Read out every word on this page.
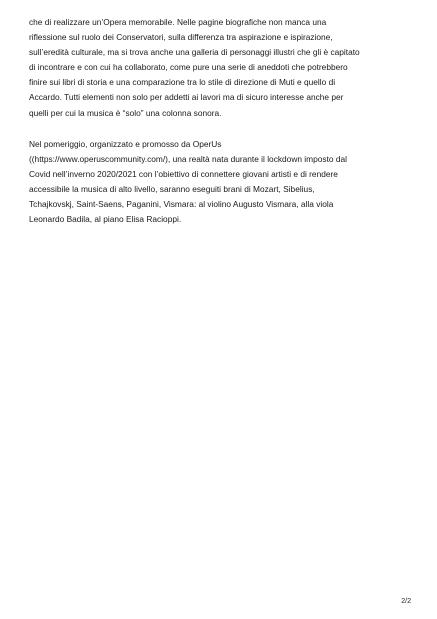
che di realizzare un’Opera memorabile. Nelle pagine biografiche non manca una
riflessione sul ruolo dei Conservatori, sulla differenza tra aspirazione e ispirazione,
sull’eredità culturale, ma si trova anche una galleria di personaggi illustri che gli è capitato
di incontrare e con cui ha collaborato, come pure una serie di aneddoti che potrebbero
finire sui libri di storia e una comparazione tra lo stile di direzione di Muti e quello di
Accardo. Tutti elementi non solo per addetti ai lavori ma di sicuro interesse anche per
quelli per cui la musica è “solo” una colonna sonora.
Nel pomeriggio, organizzato e promosso da OperUs
((https://www.operuscommunity.com/), una realtà nata durante il lockdown imposto dal
Covid nell’inverno 2020/2021 con l’obiettivo di connettere giovani artisti e di rendere
accessibile la musica di alto livello, saranno eseguiti brani di Mozart, Sibelius,
Tchajkovskj, Saint-Saens, Paganini, Vismara: al violino Augusto Vismara, alla viola
Leonardo Badila, al piano Elisa Racioppi.
2/2
